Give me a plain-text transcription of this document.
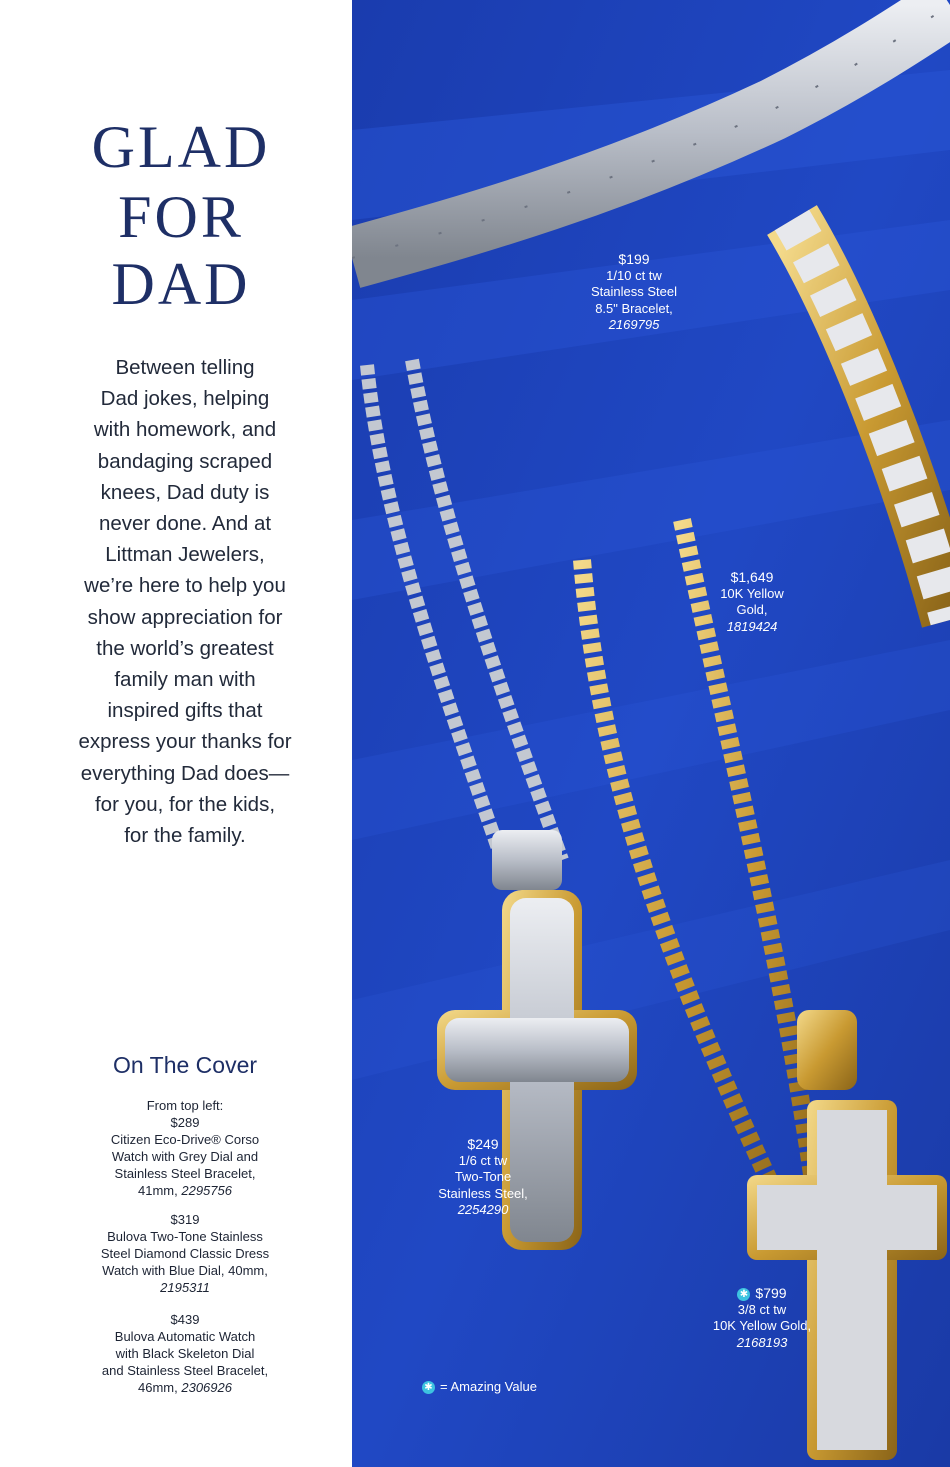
GLAD
FOR
DAD
Between telling
Dad jokes, helping
with homework, and
bandaging scraped
knees, Dad duty is
never done. And at
Littman Jewelers,
we’re here to help you
show appreciation for
the world’s greatest
family man with
inspired gifts that
express your thanks for
everything Dad does—
for you, for the kids,
for the family.
On The Cover
From top left:
$289
Citizen Eco-Drive® Corso
Watch with Grey Dial and
Stainless Steel Bracelet,
41mm, 2295756
$319
Bulova Two-Tone Stainless
Steel Diamond Classic Dress
Watch with Blue Dial, 40mm,
2195311
$439
Bulova Automatic Watch
with Black Skeleton Dial
and Stainless Steel Bracelet,
46mm, 2306926
$199
1/10 ct tw
Stainless Steel
8.5" Bracelet,
2169795
$1,649
10K Yellow
Gold,
1819424
$249
1/6 ct tw
Two-Tone
Stainless Steel,
2254290
✱ $799
3/8 ct tw
10K Yellow Gold,
2168193
✱ = Amazing Value
